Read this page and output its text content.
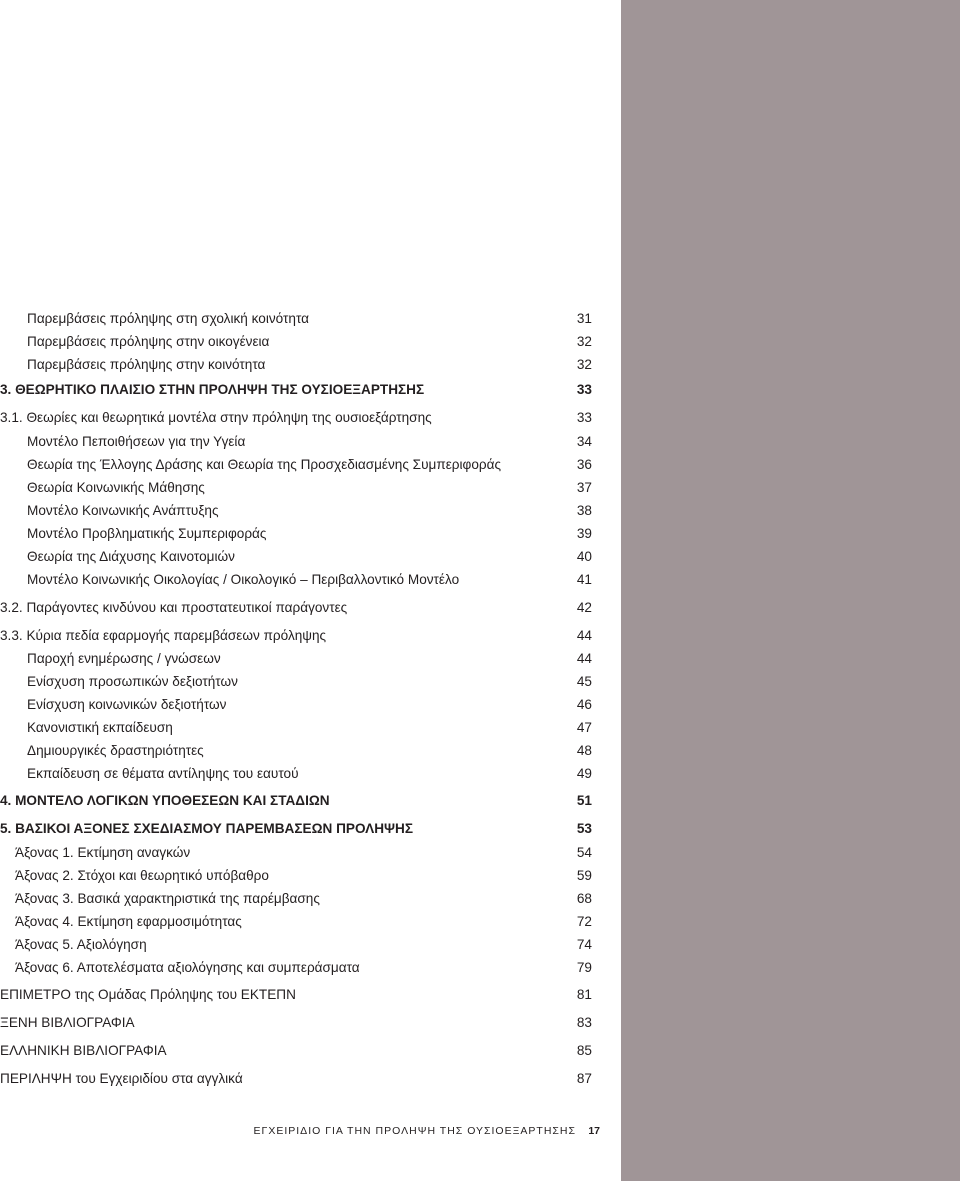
Παρεμβάσεις πρόληψης στη σχολική κοινότητα	31
Παρεμβάσεις πρόληψης στην οικογένεια	32
Παρεμβάσεις πρόληψης στην κοινότητα	32
3. ΘΕΩΡΗΤΙΚΟ ΠΛΑΙΣΙΟ ΣΤΗΝ ΠΡΟΛΗΨΗ ΤΗΣ ΟΥΣΙΟΕΞΑΡΤΗΣΗΣ	33
3.1. Θεωρίες και θεωρητικά μοντέλα στην πρόληψη της ουσιοεξάρτησης	33
Μοντέλο Πεποιθήσεων για την Υγεία	34
Θεωρία της Έλλογης Δράσης και Θεωρία της Προσχεδιασμένης Συμπεριφοράς	36
Θεωρία Κοινωνικής Μάθησης	37
Μοντέλο Κοινωνικής Ανάπτυξης	38
Μοντέλο Προβληματικής Συμπεριφοράς	39
Θεωρία της Διάχυσης Καινοτομιών	40
Μοντέλο Κοινωνικής Οικολογίας / Οικολογικό – Περιβαλλοντικό Μοντέλο	41
3.2. Παράγοντες κινδύνου και προστατευτικοί παράγοντες	42
3.3. Κύρια πεδία εφαρμογής παρεμβάσεων πρόληψης	44
Παροχή ενημέρωσης / γνώσεων	44
Ενίσχυση προσωπικών δεξιοτήτων	45
Ενίσχυση κοινωνικών δεξιοτήτων	46
Κανονιστική εκπαίδευση	47
Δημιουργικές δραστηριότητες	48
Εκπαίδευση σε θέματα αντίληψης του εαυτού	49
4. ΜΟΝΤΕΛΟ ΛΟΓΙΚΩΝ ΥΠΟΘΕΣΕΩΝ ΚΑΙ ΣΤΑΔΙΩΝ	51
5. ΒΑΣΙΚΟΙ ΑΞΟΝΕΣ ΣΧΕΔΙΑΣΜΟΥ ΠΑΡΕΜΒΑΣΕΩΝ ΠΡΟΛΗΨΗΣ	53
Άξονας 1. Εκτίμηση αναγκών	54
Άξονας 2. Στόχοι και θεωρητικό υπόβαθρο	59
Άξονας 3. Βασικά χαρακτηριστικά της παρέμβασης	68
Άξονας 4. Εκτίμηση εφαρμοσιμότητας	72
Άξονας 5. Αξιολόγηση	74
Άξονας 6. Αποτελέσματα αξιολόγησης και συμπεράσματα	79
ΕΠΙΜΕΤΡΟ της Ομάδας Πρόληψης του ΕΚΤΕΠΝ	81
ΞΕΝΗ ΒΙΒΛΙΟΓΡΑΦΙΑ	83
ΕΛΛΗΝΙΚΗ ΒΙΒΛΙΟΓΡΑΦΙΑ	85
ΠΕΡΙΛΗΨΗ του Εγχειριδίου στα αγγλικά	87
ΕΓΧΕΙΡΙΔΙΟ ΓΙΑ ΤΗΝ ΠΡΟΛΗΨΗ ΤΗΣ ΟΥΣΙΟΕΞΑΡΤΗΣΗΣ 17
